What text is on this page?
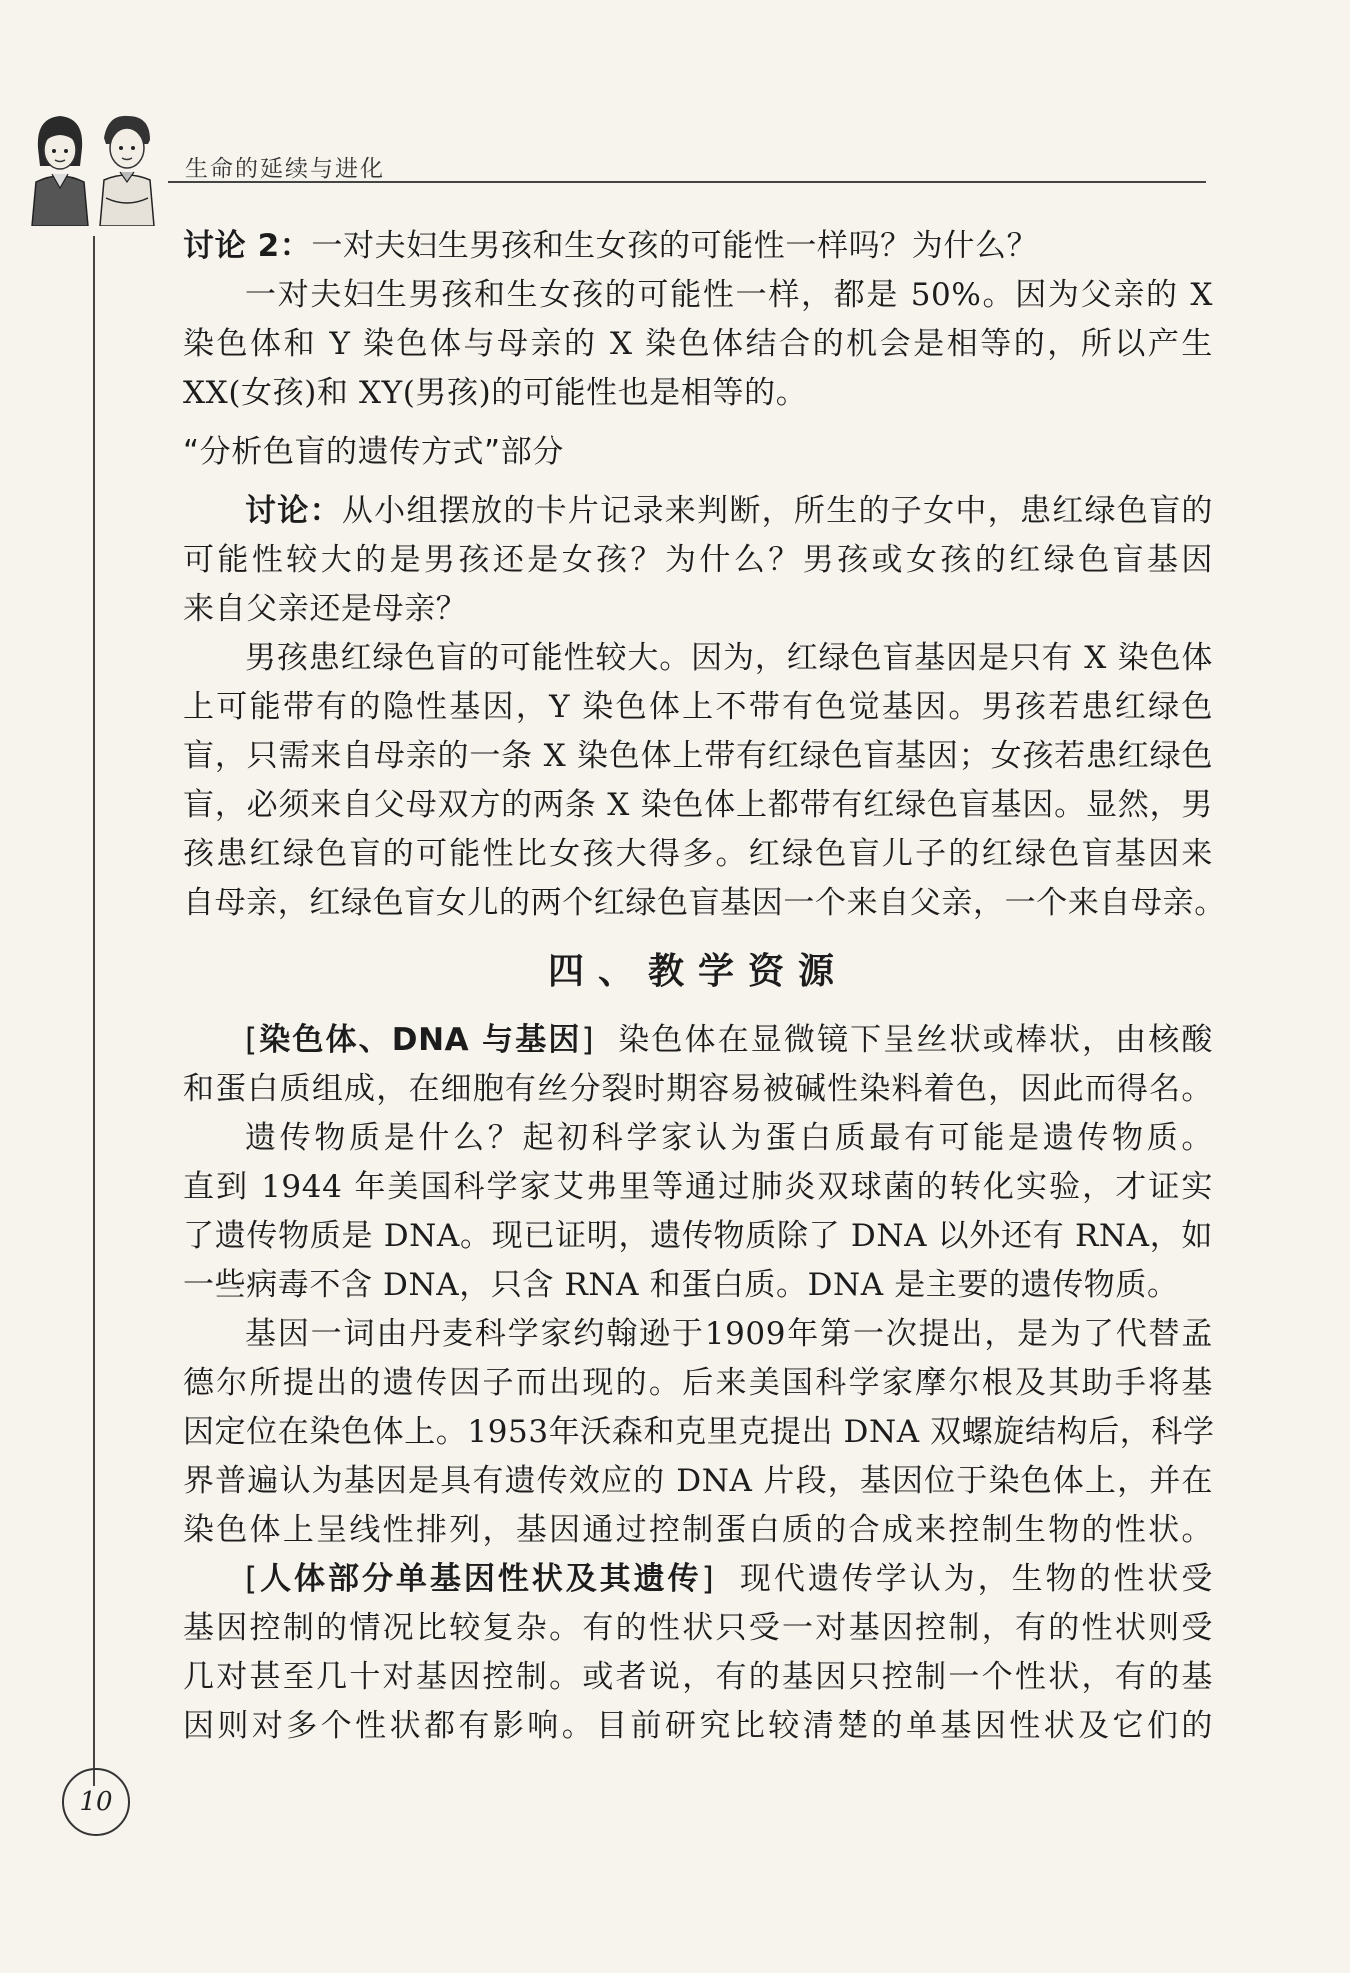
生命的延续与进化

讨论 2：一对夫妇生男孩和生女孩的可能性一样吗？为什么？

一对夫妇生男孩和生女孩的可能性一样，都是 50%。因为父亲的 X

染色体和 Y 染色体与母亲的 X 染色体结合的机会是相等的，所以产生

XX(女孩)和 XY(男孩)的可能性也是相等的。

“分析色盲的遗传方式”部分

讨论：从小组摆放的卡片记录来判断，所生的子女中，患红绿色盲的

可能性较大的是男孩还是女孩？为什么？男孩或女孩的红绿色盲基因

来自父亲还是母亲？

男孩患红绿色盲的可能性较大。因为，红绿色盲基因是只有 X 染色体

上可能带有的隐性基因，Y 染色体上不带有色觉基因。男孩若患红绿色

盲，只需来自母亲的一条 X 染色体上带有红绿色盲基因；女孩若患红绿色

盲，必须来自父母双方的两条 X 染色体上都带有红绿色盲基因。显然，男

孩患红绿色盲的可能性比女孩大得多。红绿色盲儿子的红绿色盲基因来

自母亲，红绿色盲女儿的两个红绿色盲基因一个来自父亲，一个来自母亲。

四、教学资源

[染色体、DNA 与基因] 染色体在显微镜下呈丝状或棒状，由核酸

和蛋白质组成，在细胞有丝分裂时期容易被碱性染料着色，因此而得名。

遗传物质是什么？起初科学家认为蛋白质最有可能是遗传物质。

直到 1944 年美国科学家艾弗里等通过肺炎双球菌的转化实验，才证实

了遗传物质是 DNA。现已证明，遗传物质除了 DNA 以外还有 RNA，如

一些病毒不含 DNA，只含 RNA 和蛋白质。DNA 是主要的遗传物质。

基因一词由丹麦科学家约翰逊于1909年第一次提出，是为了代替孟

德尔所提出的遗传因子而出现的。后来美国科学家摩尔根及其助手将基

因定位在染色体上。1953年沃森和克里克提出 DNA 双螺旋结构后，科学

界普遍认为基因是具有遗传效应的 DNA 片段，基因位于染色体上，并在

染色体上呈线性排列，基因通过控制蛋白质的合成来控制生物的性状。

[人体部分单基因性状及其遗传] 现代遗传学认为，生物的性状受

基因控制的情况比较复杂。有的性状只受一对基因控制，有的性状则受

几对甚至几十对基因控制。或者说，有的基因只控制一个性状，有的基

因则对多个性状都有影响。目前研究比较清楚的单基因性状及它们的

10
